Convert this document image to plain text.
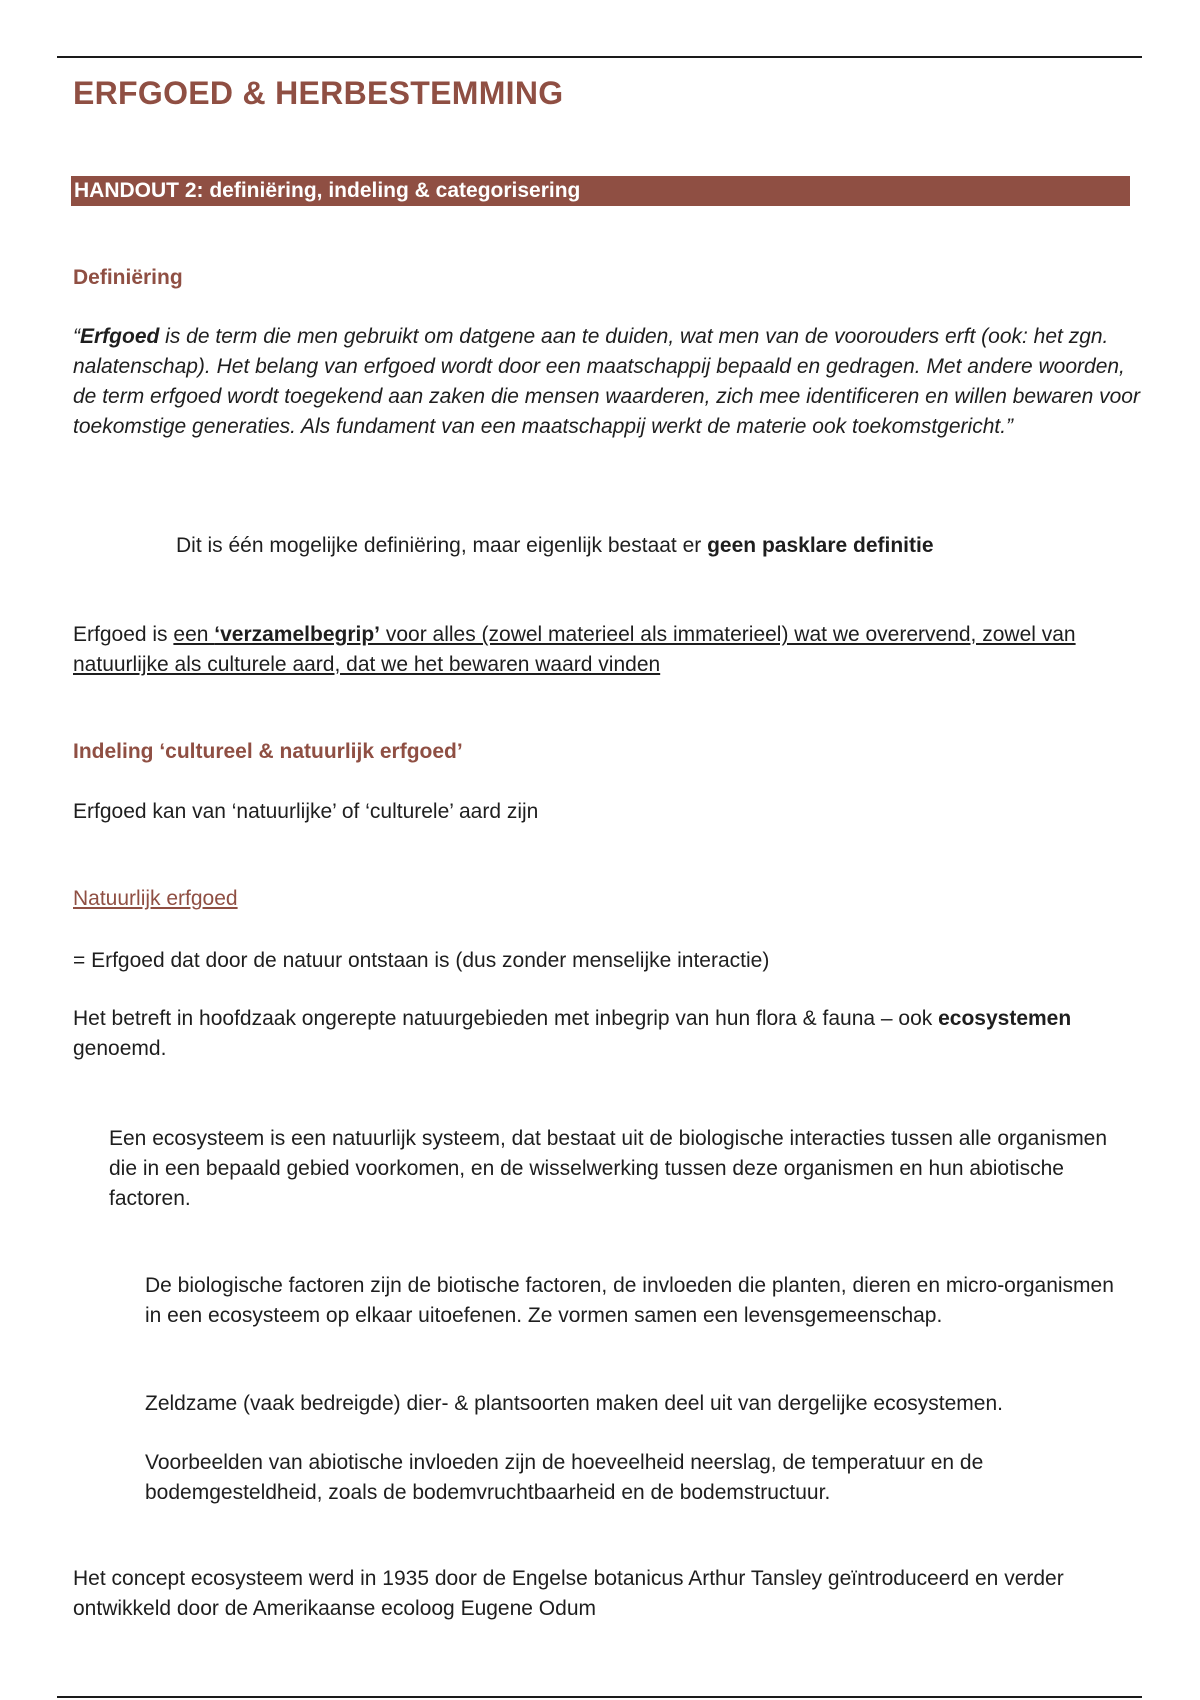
ERFGOED & HERBESTEMMING
HANDOUT 2: definiëring, indeling & categorisering
Definiëring

“Erfgoed is de term die men gebruikt om datgene aan te duiden, wat men van de voorouders erft (ook: het zgn. nalatenschap). Het belang van erfgoed wordt door een maatschappij bepaald en gedragen. Met andere woorden, de term erfgoed wordt toegekend aan zaken die mensen waarderen, zich mee identificeren en willen bewaren voor toekomstige generaties. Als fundament van een maatschappij werkt de materie ook toekomstgericht.”

Dit is één mogelijke definiëring, maar eigenlijk bestaat er geen pasklare definitie

Erfgoed is een ‘verzamelbegrip’ voor alles (zowel materieel als immaterieel) wat we overervend, zowel van natuurlijke als culturele aard, dat we het bewaren waard vinden

Indeling ‘cultureel & natuurlijk erfgoed’

Erfgoed kan van ‘natuurlijke’ of ‘culturele’ aard zijn

Natuurlijk erfgoed

= Erfgoed dat door de natuur ontstaan is (dus zonder menselijke interactie)

Het betreft in hoofdzaak ongerepte natuurgebieden met inbegrip van hun flora & fauna – ook ecosystemen genoemd.

Een ecosysteem is een natuurlijk systeem, dat bestaat uit de biologische interacties tussen alle organismen die in een bepaald gebied voorkomen, en de wisselwerking tussen deze organismen en hun abiotische factoren.

De biologische factoren zijn de biotische factoren, de invloeden die planten, dieren en micro-organismen in een ecosysteem op elkaar uitoefenen. Ze vormen samen een levensgemeenschap.

Zeldzame (vaak bedreigde) dier- & plantsoorten maken deel uit van dergelijke ecosystemen.

Voorbeelden van abiotische invloeden zijn de hoeveelheid neerslag, de temperatuur en de bodemgesteldheid, zoals de bodemvruchtbaarheid en de bodemstructuur.

Het concept ecosysteem werd in 1935 door de Engelse botanicus Arthur Tansley geïntroduceerd en verder ontwikkeld door de Amerikaanse ecoloog Eugene Odum
